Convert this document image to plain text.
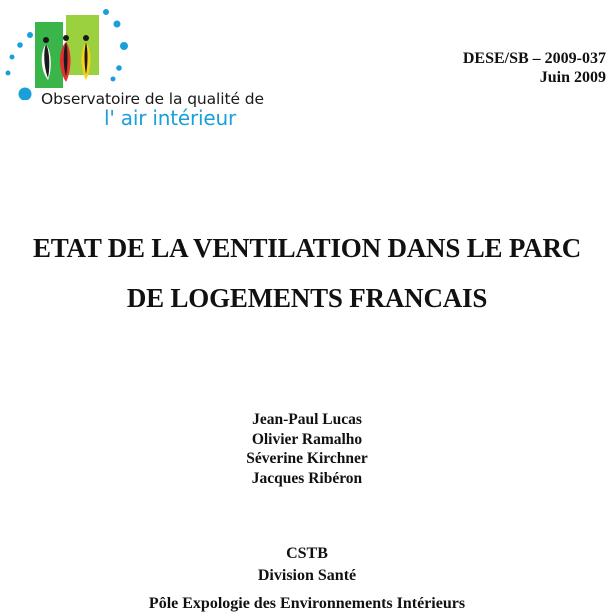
Observatoire de la qualité de
l' air intérieur
DESE/SB – 2009-037
Juin 2009
ETAT DE LA VENTILATION DANS LE PARC
DE LOGEMENTS FRANCAIS
Jean-Paul Lucas
Olivier Ramalho
Séverine Kirchner
Jacques Ribéron
CSTB
Division Santé
Pôle Expologie des Environnements Intérieurs
